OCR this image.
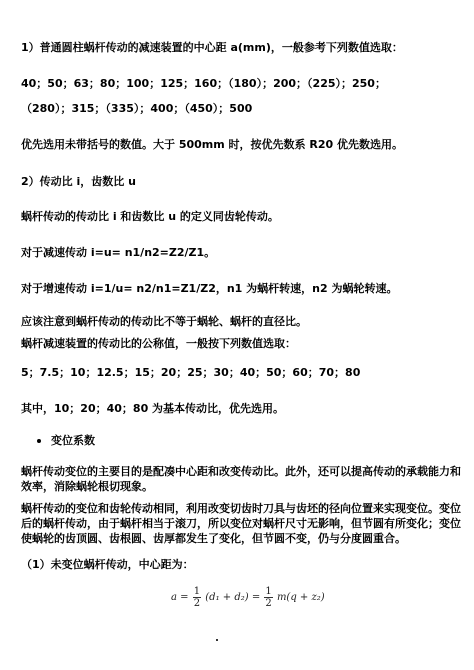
1）普通圆柱蜗杆传动的减速装置的中心距 a(mm)，一般参考下列数值选取：
40；50；63；80；100；125；160；（180）；200；（225）；250；
（280）；315；（335）；400；（450）；500
优先选用未带括号的数值。大于 500mm 时，按优先数系 R20 优先数选用。
2）传动比 i，齿数比 u
蜗杆传动的传动比 i 和齿数比 u 的定义同齿轮传动。
对于减速传动 i=u= n1/n2=Z2/Z1。
对于增速传动 i=1/u= n2/n1=Z1/Z2，n1 为蜗杆转速，n2 为蜗轮转速。
应该注意到蜗杆传动的传动比不等于蜗轮、蜗杆的直径比。
蜗杆减速装置的传动比的公称值，一般按下列数值选取：
5；7.5；10；12.5；15；20；25；30；40；50；60；70；80
其中，10；20；40；80 为基本传动比，优先选用。
变位系数
蜗杆传动变位的主要目的是配凑中心距和改变传动比。此外，还可以提高传动的承载能力和效率，消除蜗轮根切现象。
蜗杆传动的变位和齿轮传动相同，利用改变切齿时刀具与齿坯的径向位置来实现变位。变位后的蜗杆传动，由于蜗杆相当于滚刀，所以变位对蜗杆尺寸无影响，但节圆有所变化；变位使蜗轮的齿顶圆、齿根圆、齿厚都发生了变化，但节圆不变，仍与分度圆重合。
（1）未变位蜗杆传动，中心距为：
$a = \frac{1}{2} (d_1 + d_2) = \frac{1}{2} m(q + z_2)$
